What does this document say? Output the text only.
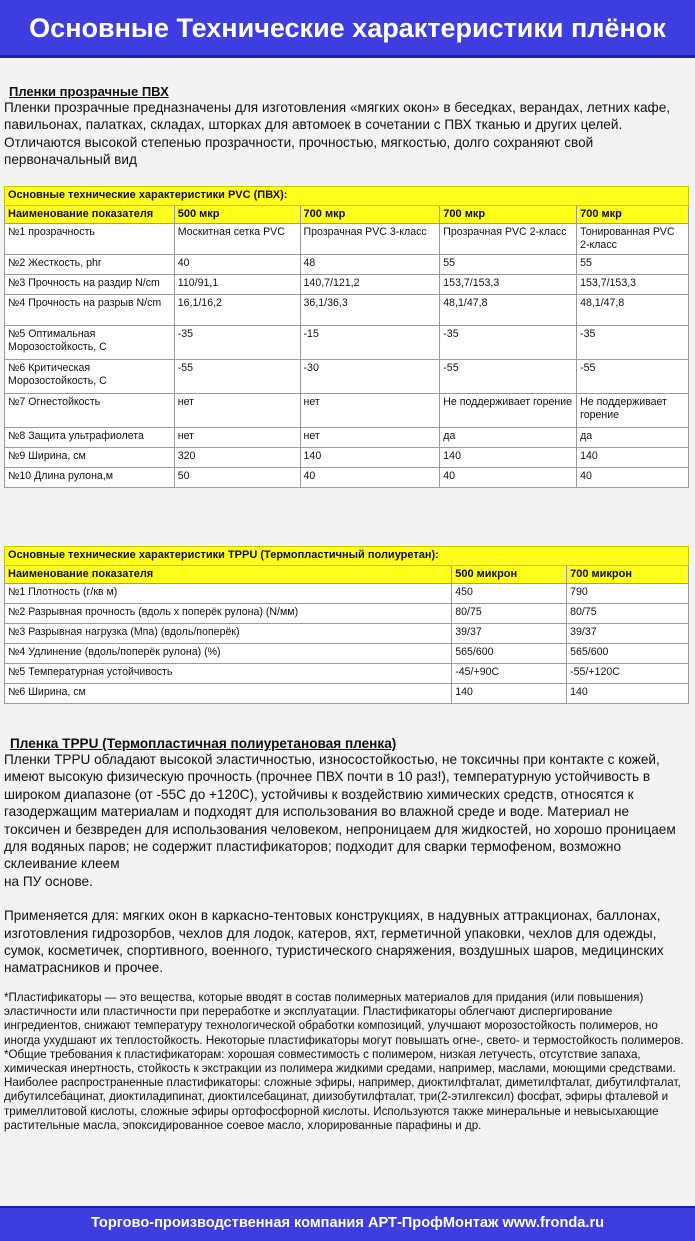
Основные Технические характеристики плёнок
Пленки прозрачные ПВХ
Пленки прозрачные предназначены для изготовления «мягких окон» в беседках, верандах, летних кафе, павильонах, палатках, складах, шторках для автомоек в сочетании с ПВХ тканью и других целей. Отличаются высокой степенью прозрачности, прочностью, мягкостью, долго сохраняют свой первоначальный вид
Основные технические характеристики PVC (ПВХ):				
Наименование показателя	500 мкр	700 мкр	700 мкр	700 мкр
№1 прозрачность	Москитная сетка PVC	Прозрачная PVC 3-класс	Прозрачная PVC 2-класс	Тонированная PVC 2-класс
№2 Жесткость, phr	40	48	55	55
№3 Прочность на раздир N/cm	110/91,1	140,7/121,2	153,7/153,3	153,7/153,3
№4 Прочность на разрыв N/cm	16,1/16,2	36,1/36,3	48,1/47,8	48,1/47,8
№5 Оптимальная Морозостойкость, С	-35	-15	-35	-35
№6 Критическая Морозостойкость, С	-55	-30	-55	-55
№7 Огнестойкость	нет	нет	Не поддерживает горение	Не поддерживает горение
№8 Защита ультрафиолета	нет	нет	да	да
№9 Ширина, см	320	140	140	140
№10 Длина рулона,м	50	40	40	40
Основные технические характеристики TPPU (Термопластичный полиуретан):		
Наименование показателя	500 микрон	700 микрон
№1 Плотность (г/кв м)	450	790
№2 Разрывная прочность (вдоль х поперёк рулона) (N/мм)	80/75	80/75
№3 Разрывная нагрузка (Мпа) (вдоль/поперёк)	39/37	39/37
№4 Удлинение (вдоль/поперёк рулона) (%)	565/600	565/600
№5 Температурная устойчивость	-45/+90С	-55/+120С
№6 Ширина, см	140	140
Пленка TPPU (Термопластичная полиуретановая пленка)
Пленки TPPU обладают высокой эластичностью, износостойкостью, не токсичны при контакте с кожей, имеют высокую физическую прочность (прочнее ПВХ почти в 10 раз!), температурную устойчивость в широком диапазоне (от -55С до +120С), устойчивы к воздействию химических средств, относятся к газодержащим материалам и подходят для использования во влажной среде и воде. Материал не токсичен и безвреден для использования человеком, непроницаем для жидкостей, но хорошо проницаем для водяных паров; не содержит пластификаторов; подходит для сварки термофеном, возможно склеивание клеем
на ПУ основе.
Применяется для: мягких окон в каркасно-тентовых конструкциях, в надувных аттракционах, баллонах, изготовления гидрозорбов, чехлов для лодок, катеров, яхт, герметичной упаковки, чехлов для одежды, сумок, косметичек, спортивного, военного, туристического снаряжения, воздушных шаров, медицинских наматрасников и прочее.
*Пластификаторы — это вещества, которые вводят в состав полимерных материалов для придания (или повышения) эластичности или пластичности при переработке и эксплуатации. Пластификаторы облегчают диспергирование ингредиентов, снижают температуру технологической обработки композиций, улучшают морозостойкость полимеров, но иногда ухудшают их теплостойкость. Некоторые пластификаторы могут повышать огне-, свето- и термостойкость полимеров.
*Общие требования к пластификаторам: хорошая совместимость с полимером, низкая летучесть, отсутствие запаха, химическая инертность, стойкость к экстракции из полимера жидкими средами, например, маслами, моющими средствами.
Наиболее распространенные пластификаторы: сложные эфиры, например, диоктилфталат, диметилфталат, дибутилфталат, дибутилсебацинат, диоктиладипинат, диоктилсебацинат, диизобутилфталат, три(2-этилгексил) фосфат, эфиры фталевой и тримеллитовой кислоты, сложные эфиры ортофосфорной кислоты. Используются также минеральные и невысыхающие растительные масла, эпоксидированное соевое масло, хлорированные парафины и др.
Торгово-производственная компания АРТ-ПрофМонтаж www.fronda.ru
